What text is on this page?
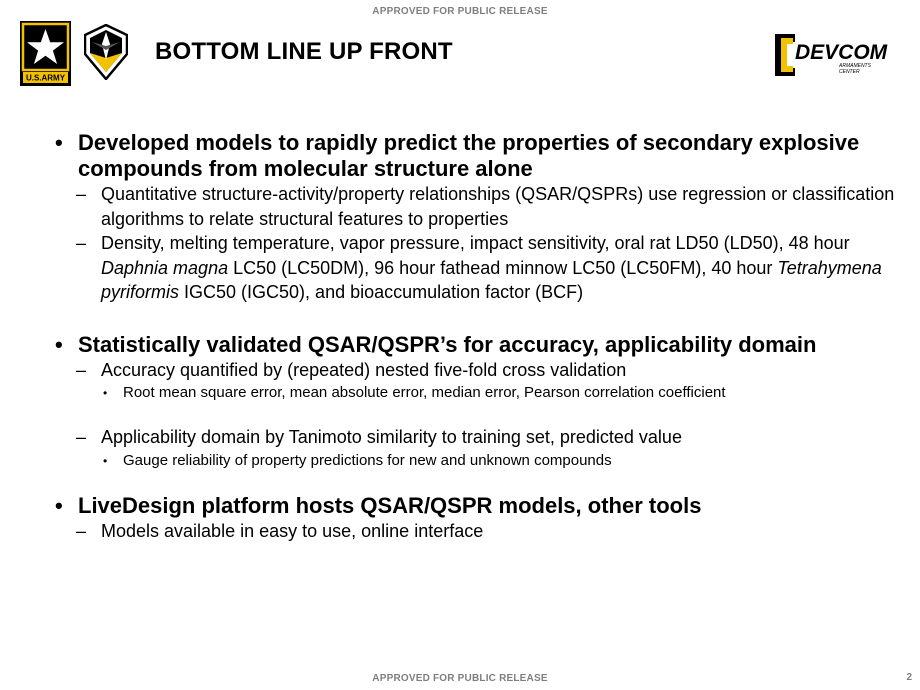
APPROVED FOR PUBLIC RELEASE
U.S.ARMY
BOTTOM LINE UP FRONT	DEVCOM
ARMAMENTS
CENTER
• Developed models to rapidly predict the properties of secondary explosive compounds from molecular structure alone
– Quantitative structure-activity/property relationships (QSAR/QSPRs) use regression or classification algorithms to relate structural features to properties
– Density, melting temperature, vapor pressure, impact sensitivity, oral rat LD50 (LD50), 48 hour Daphnia magna LC50 (LC50DM), 96 hour fathead minnow LC50 (LC50FM), 40 hour Tetrahymena pyriformis IGC50 (IGC50), and bioaccumulation factor (BCF)
• Statistically validated QSAR/QSPR’s for accuracy, applicability domain
– Accuracy quantified by (repeated) nested five-fold cross validation
• Root mean square error, mean absolute error, median error, Pearson correlation coefficient
– Applicability domain by Tanimoto similarity to training set, predicted value
• Gauge reliability of property predictions for new and unknown compounds
• LiveDesign platform hosts QSAR/QSPR models, other tools
– Models available in easy to use, online interface
APPROVED FOR PUBLIC RELEASE	2
